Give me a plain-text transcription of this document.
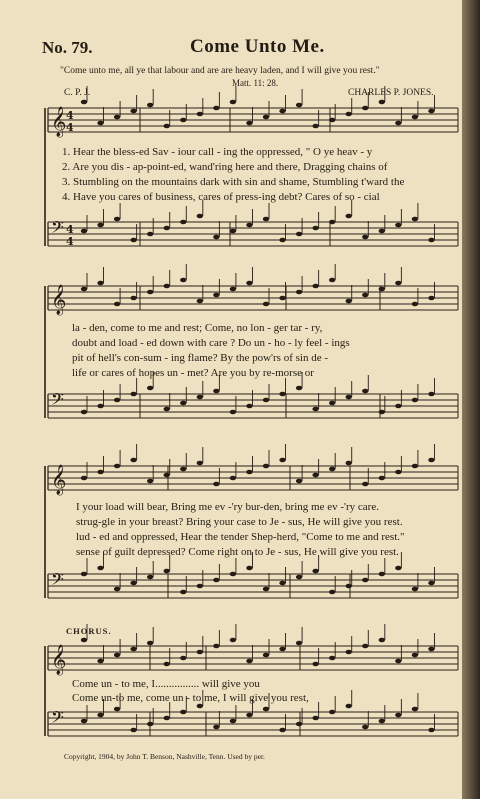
No. 79.	Come Unto Me.
"Come unto me, all ye that labour and are are heavy laden, and I will give you rest."
Matt. 11: 28.
C. P. J.	CHARLES P. JONES.
𝄞
𝄢
𝄞
𝄢
𝄞
𝄢
𝄞
𝄢
4
4
4
4
1. Hear the bless-ed Sav - iour call - ing the oppressed, " O ye heav - y
2. Are you dis - ap-point-ed, wand'ring here and there, Dragging chains of
3. Stumbling on the mountains dark with sin and shame, Stumbling t'ward the
4. Have you cares of business, cares of press-ing debt? Cares of so - cial
la - den, come to me and rest; Come, no lon - ger tar - ry,
doubt and load - ed down with care ? Do un - ho - ly feel - ings
pit of hell's con-sum - ing flame? By the pow'rs of sin de -
life or cares of hopes un - met? Are you by re-morse or
I your load will bear, Bring me ev -'ry bur-den, bring me ev -'ry care.
strug-gle in your breast? Bring your case to Je - sus, He will give you rest.
lud - ed and oppressed, Hear the tender Shep-herd, "Come to me and rest."
sense of guilt depressed? Come right on to Je - sus, He will give you rest.
CHORUS.
Come un - to me, I................ will give you
Come un-to me, come un - to me, I will give you rest,
Copyright, 1904, by John T. Benson, Nashville, Tenn. Used by per.
